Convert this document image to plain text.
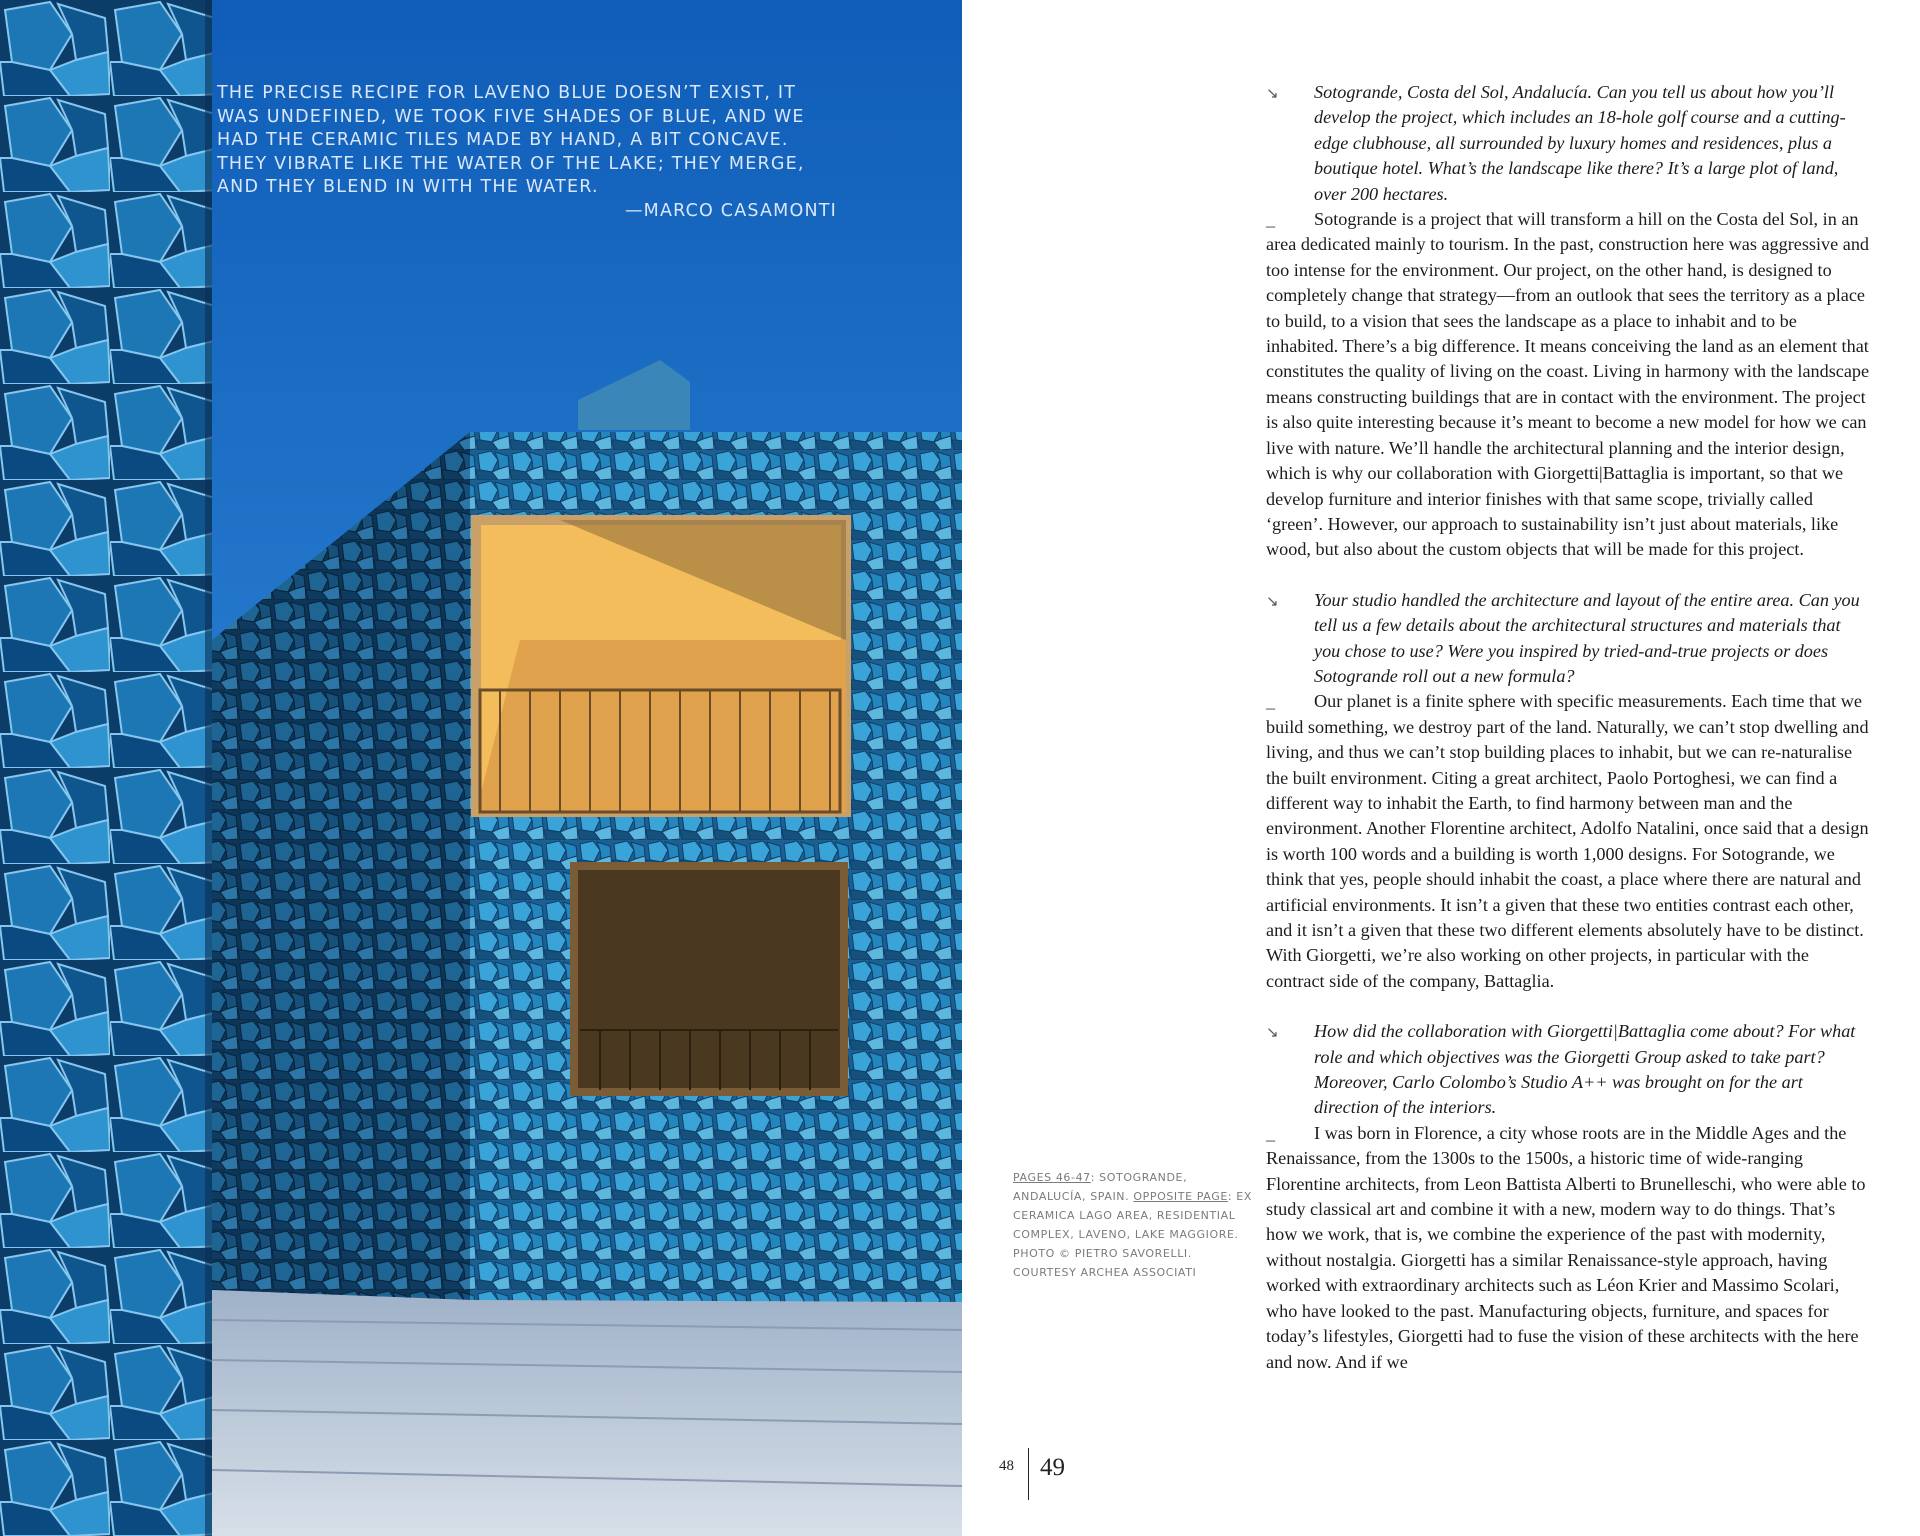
THE PRECISE RECIPE FOR LAVENO BLUE DOESN’T EXIST, IT WAS UNDEFINED, WE TOOK FIVE SHADES OF BLUE, AND WE HAD THE CERAMIC TILES MADE BY HAND, A BIT CONCAVE. THEY VIBRATE LIKE THE WATER OF THE LAKE; THEY MERGE, AND THEY BLEND IN WITH THE WATER.

—MARCO CASAMONTI

PAGES 46-47: SOTOGRANDE, ANDALUCÍA, SPAIN. OPPOSITE PAGE: EX CERAMICA LAGO AREA, RESIDENTIAL COMPLEX, LAVENO, LAKE MAGGIORE. PHOTO © PIETRO SAVORELLI. COURTESY ARCHEA ASSOCIATI

48 49

↘ Sotogrande, Costa del Sol, Andalucía. Can you tell us about how you’ll develop the project, which includes an 18-hole golf course and a cutting-edge clubhouse, all surrounded by luxury homes and residences, plus a boutique hotel. What’s the landscape like there? It’s a large plot of land, over 200 hectares.

_ Sotogrande is a project that will transform a hill on the Costa del Sol, in an area dedicated mainly to tourism. In the past, construction here was aggressive and too intense for the environment. Our project, on the other hand, is designed to completely change that strategy—from an outlook that sees the territory as a place to build, to a vision that sees the landscape as a place to inhabit and to be inhabited. There’s a big difference. It means conceiving the land as an element that constitutes the quality of living on the coast. Living in harmony with the landscape means constructing buildings that are in contact with the environment. The project is also quite interesting because it’s meant to become a new model for how we can live with nature. We’ll handle the architectural planning and the interior design, which is why our collaboration with Giorgetti|Battaglia is important, so that we develop furniture and interior finishes with that same scope, trivially called ‘green’. However, our approach to sustainability isn’t just about materials, like wood, but also about the custom objects that will be made for this project.

↘ Your studio handled the architecture and layout of the entire area. Can you tell us a few details about the architectural structures and materials that you chose to use? Were you inspired by tried-and-true projects or does Sotogrande roll out a new formula?

_ Our planet is a finite sphere with specific measurements. Each time that we build something, we destroy part of the land. Naturally, we can’t stop dwelling and living, and thus we can’t stop building places to inhabit, but we can re-naturalise the built environment. Citing a great architect, Paolo Portoghesi, we can find a different way to inhabit the Earth, to find harmony between man and the environment. Another Florentine architect, Adolfo Natalini, once said that a design is worth 100 words and a building is worth 1,000 designs. For Sotogrande, we think that yes, people should inhabit the coast, a place where there are natural and artificial environments. It isn’t a given that these two entities contrast each other, and it isn’t a given that these two different elements absolutely have to be distinct. With Giorgetti, we’re also working on other projects, in particular with the contract side of the company, Battaglia.

↘ How did the collaboration with Giorgetti|Battaglia come about? For what role and which objectives was the Giorgetti Group asked to take part? Moreover, Carlo Colombo’s Studio A++ was brought on for the art direction of the interiors.

_ I was born in Florence, a city whose roots are in the Middle Ages and the Renaissance, from the 1300s to the 1500s, a historic time of wide-ranging Florentine architects, from Leon Battista Alberti to Brunelleschi, who were able to study classical art and combine it with a new, modern way to do things. That’s how we work, that is, we combine the experience of the past with modernity, without nostalgia. Giorgetti has a similar Renaissance-style approach, having worked with extraordinary architects such as Léon Krier and Massimo Scolari, who have looked to the past. Manufacturing objects, furniture, and spaces for today’s lifestyles, Giorgetti had to fuse the vision of these architects with the here and now. And if we
